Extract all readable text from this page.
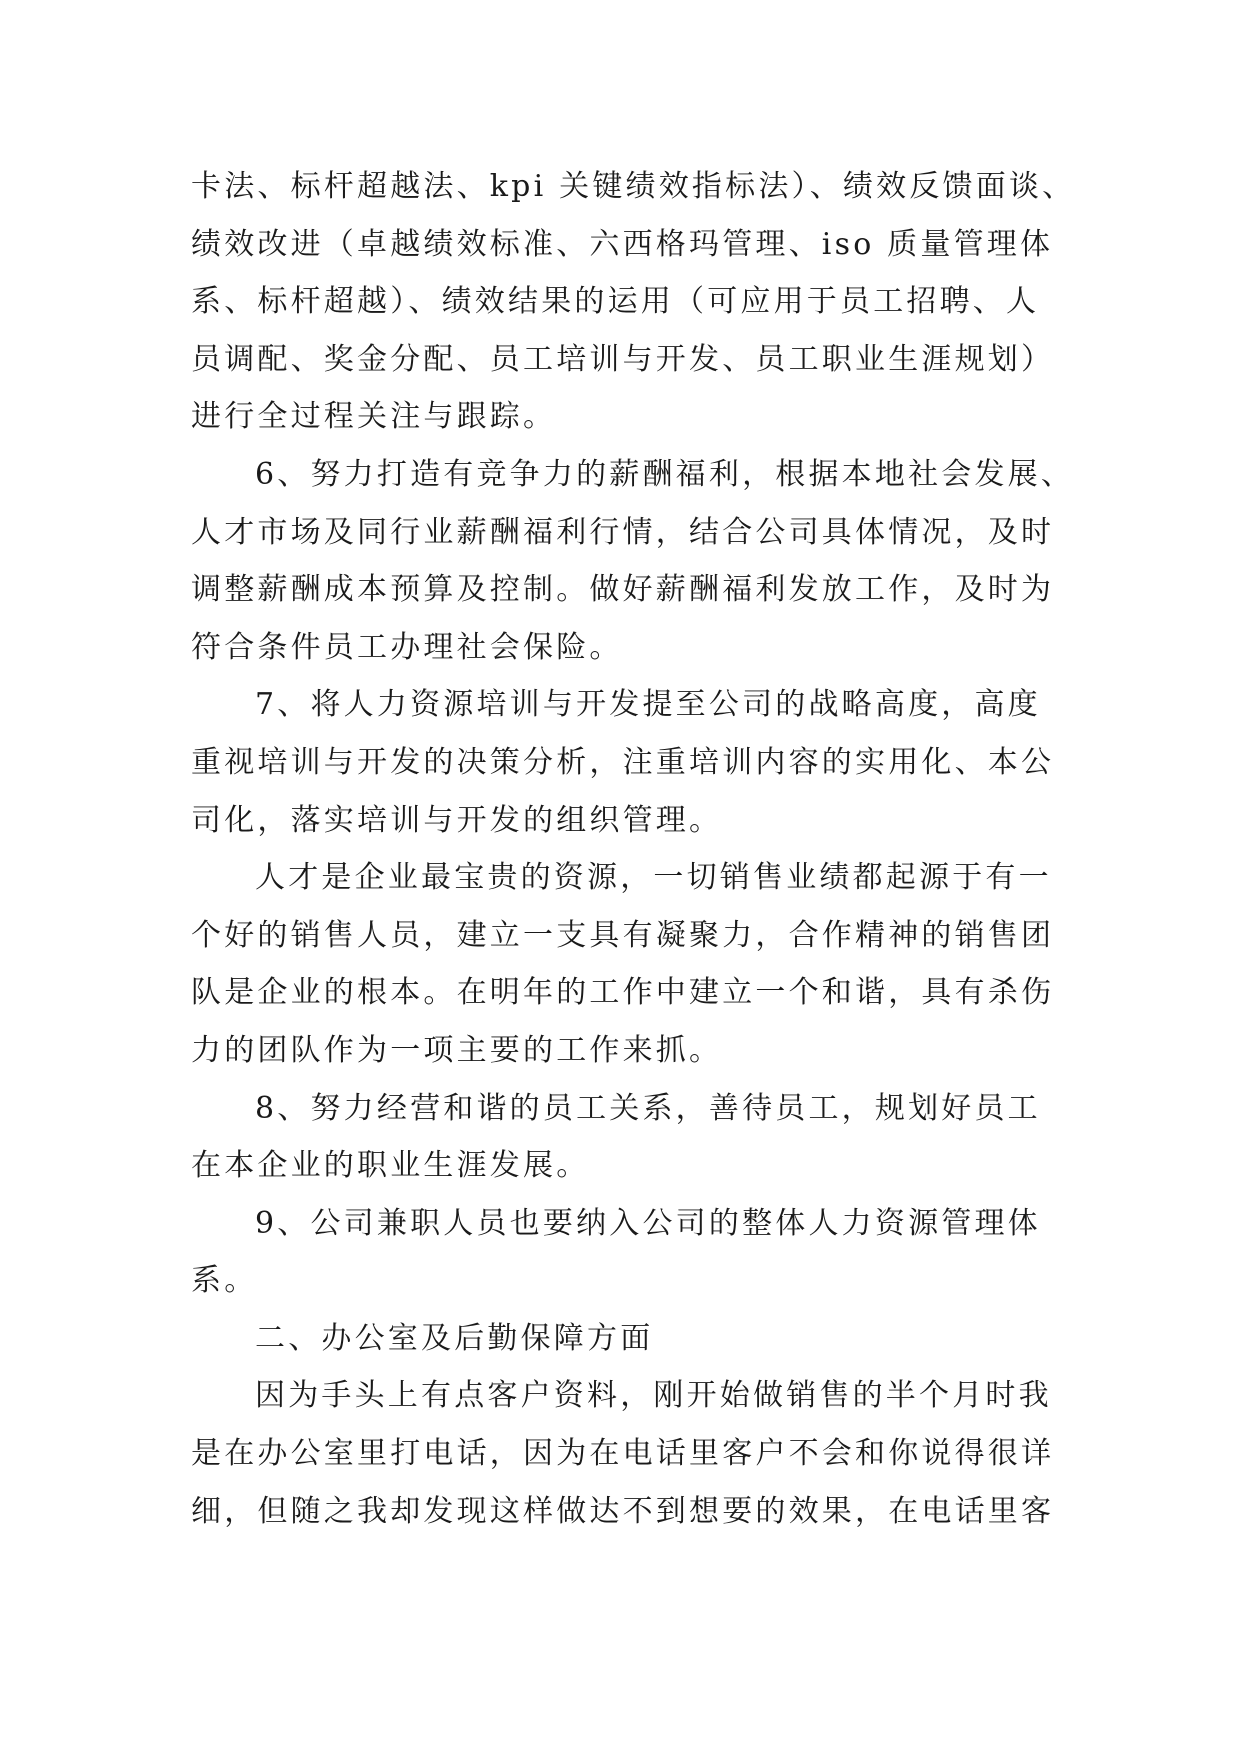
卡法、标杆超越法、kpi 关键绩效指标法）、绩效反馈面谈、
绩效改进（卓越绩效标准、六西格玛管理、iso 质量管理体
系、标杆超越）、绩效结果的运用（可应用于员工招聘、人
员调配、奖金分配、员工培训与开发、员工职业生涯规划）
进行全过程关注与跟踪。
6、努力打造有竞争力的薪酬福利，根据本地社会发展、
人才市场及同行业薪酬福利行情，结合公司具体情况，及时
调整薪酬成本预算及控制。做好薪酬福利发放工作，及时为
符合条件员工办理社会保险。
7、将人力资源培训与开发提至公司的战略高度，高度
重视培训与开发的决策分析，注重培训内容的实用化、本公
司化，落实培训与开发的组织管理。
人才是企业最宝贵的资源，一切销售业绩都起源于有一
个好的销售人员，建立一支具有凝聚力，合作精神的销售团
队是企业的根本。在明年的工作中建立一个和谐，具有杀伤
力的团队作为一项主要的工作来抓。
8、努力经营和谐的员工关系，善待员工，规划好员工
在本企业的职业生涯发展。
9、公司兼职人员也要纳入公司的整体人力资源管理体
系。
二、办公室及后勤保障方面
因为手头上有点客户资料，刚开始做销售的半个月时我
是在办公室里打电话，因为在电话里客户不会和你说得很详
细，但随之我却发现这样做达不到想要的效果，在电话里客
